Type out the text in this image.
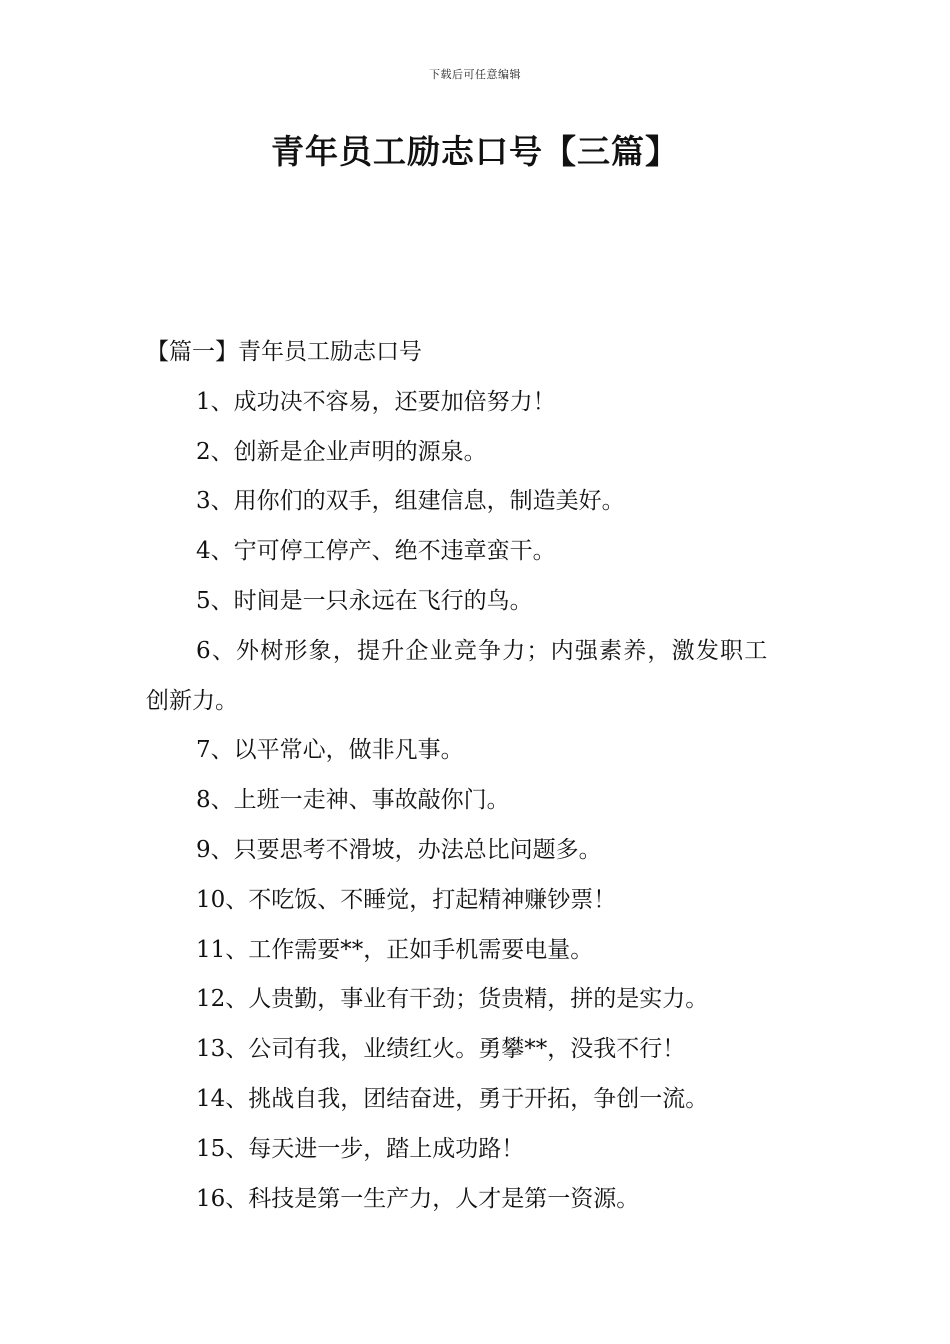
下载后可任意编辑
青年员工励志口号【三篇】
【篇一】青年员工励志口号
1、成功决不容易，还要加倍努力！
2、创新是企业声明的源泉。
3、用你们的双手，组建信息，制造美好。
4、宁可停工停产、绝不违章蛮干。
5、时间是一只永远在飞行的鸟。
6、外树形象，提升企业竞争力；内强素养，激发职工
创新力。
7、以平常心，做非凡事。
8、上班一走神、事故敲你门。
9、只要思考不滑坡，办法总比问题多。
10、不吃饭、不睡觉，打起精神赚钞票！
11、工作需要**，正如手机需要电量。
12、人贵勤，事业有干劲；货贵精，拼的是实力。
13、公司有我，业绩红火。勇攀**，没我不行！
14、挑战自我，团结奋进，勇于开拓，争创一流。
15、每天进一步，踏上成功路！
16、科技是第一生产力，人才是第一资源。
